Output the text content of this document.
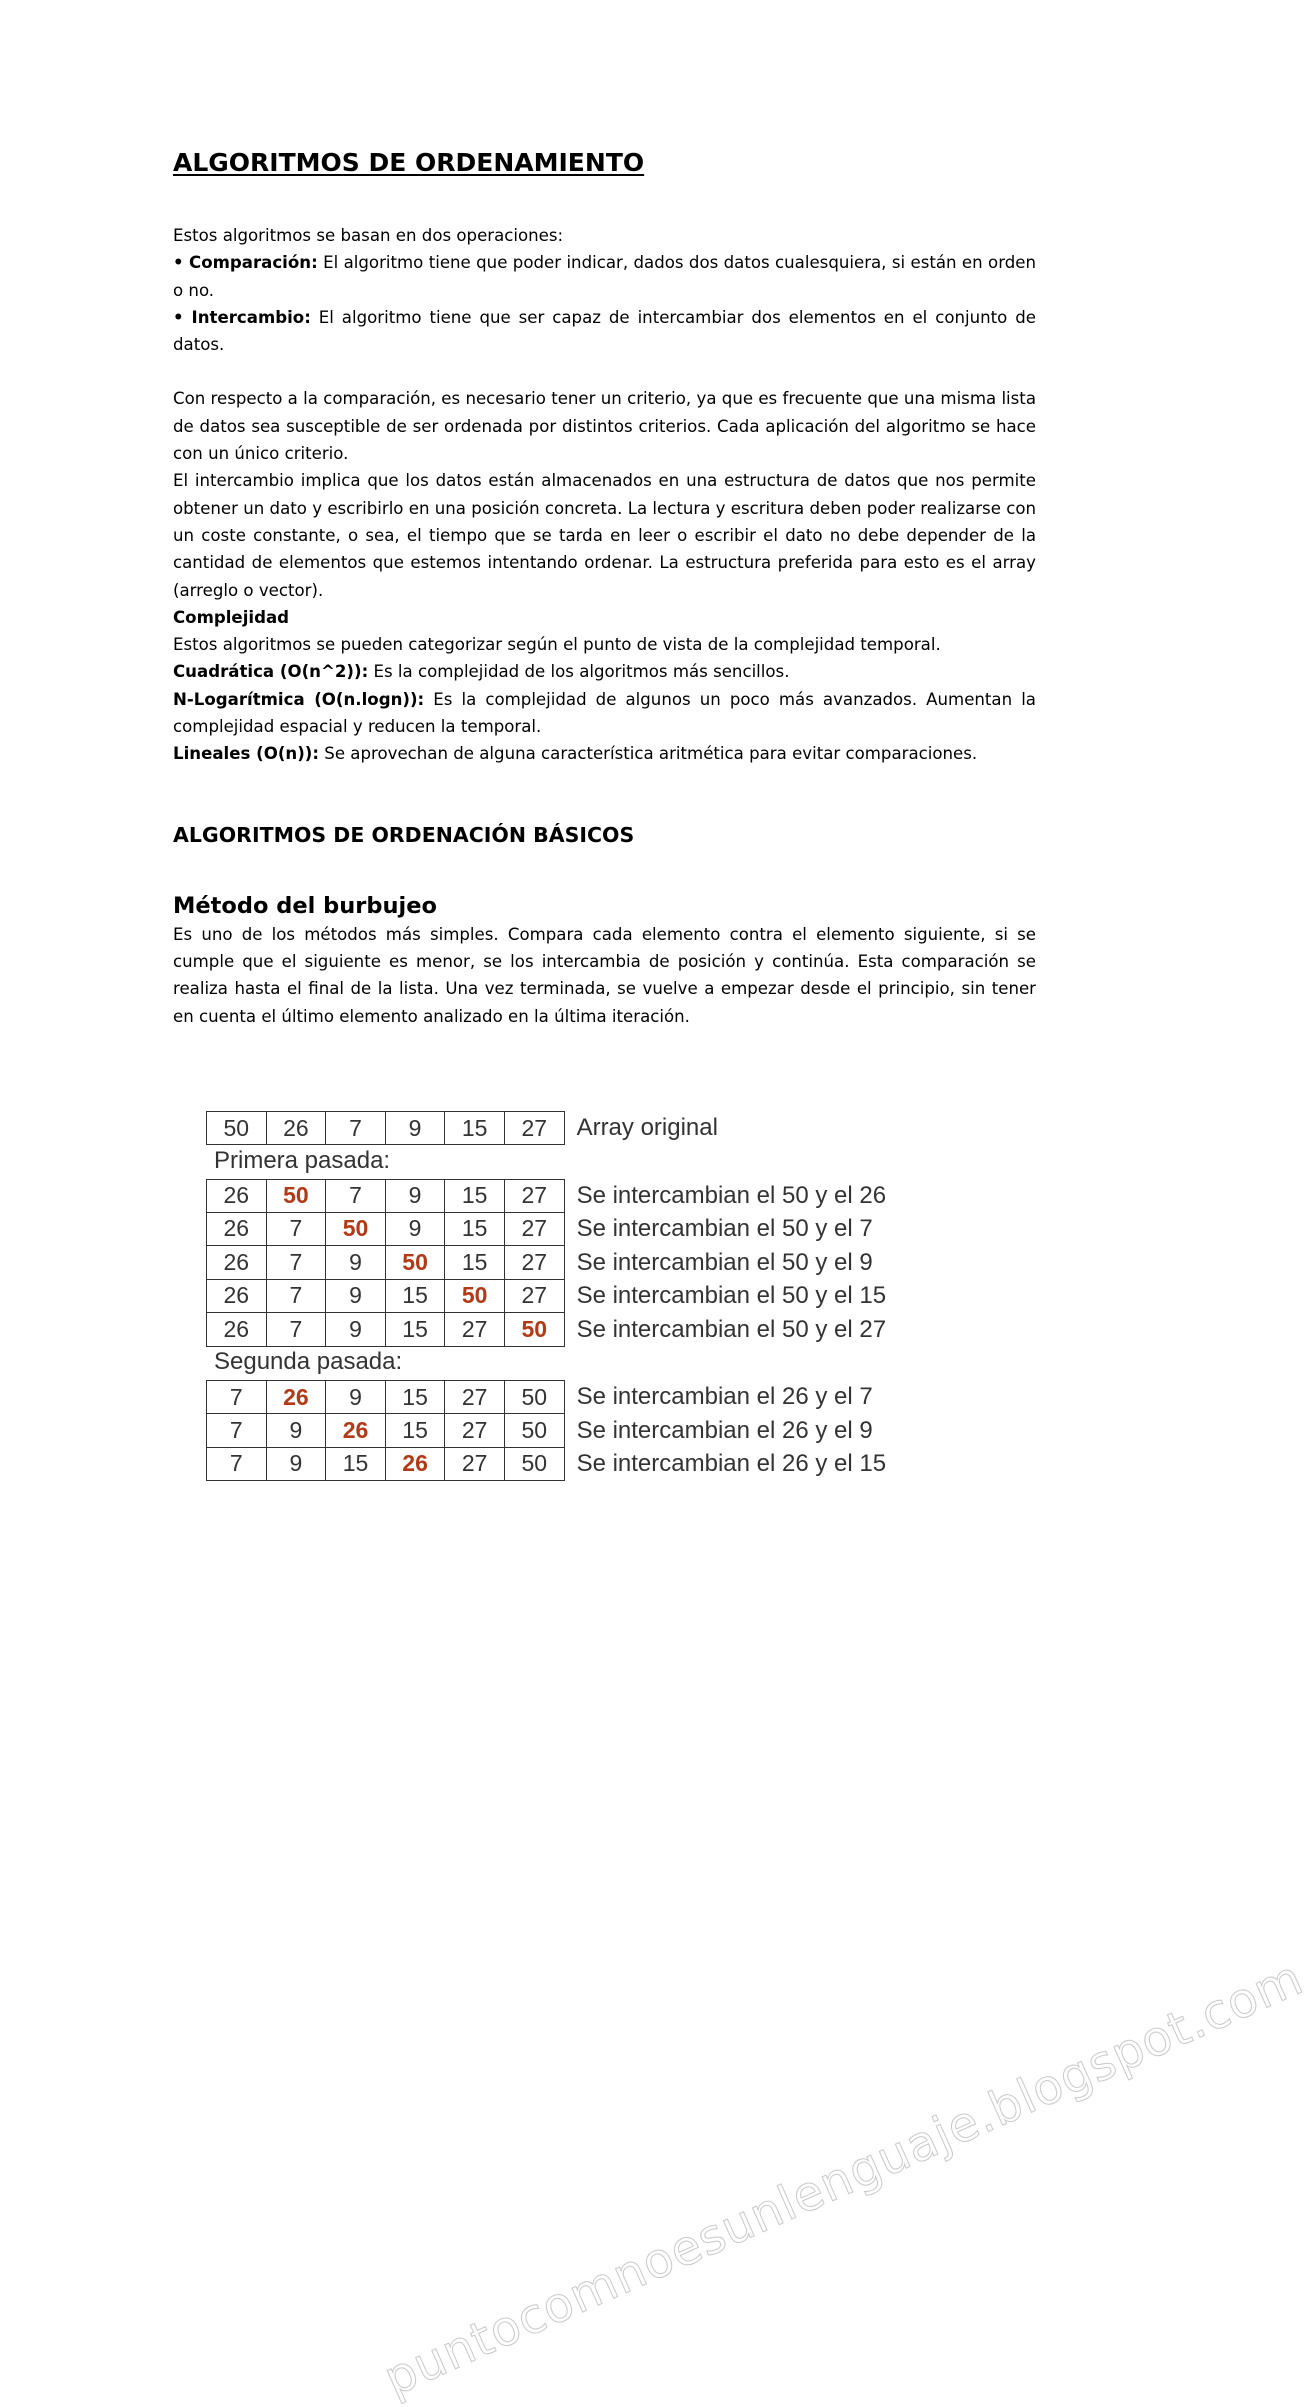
ALGORITMOS DE ORDENAMIENTO

Estos algoritmos se basan en dos operaciones:

• Comparación: El algoritmo tiene que poder indicar, dados dos datos cualesquiera, si están en orden o no.

• Intercambio: El algoritmo tiene que ser capaz de intercambiar dos elementos en el conjunto de datos.

Con respecto a la comparación, es necesario tener un criterio, ya que es frecuente que una misma lista de datos sea susceptible de ser ordenada por distintos criterios. Cada aplicación del algoritmo se hace con un único criterio.

El intercambio implica que los datos están almacenados en una estructura de datos que nos permite obtener un dato y escribirlo en una posición concreta. La lectura y escritura deben poder realizarse con un coste constante, o sea, el tiempo que se tarda en leer o escribir el dato no debe depender de la cantidad de elementos que estemos intentando ordenar. La estructura preferida para esto es el array (arreglo o vector).

Complejidad

Estos algoritmos se pueden categorizar según el punto de vista de la complejidad temporal.

Cuadrática (O(n^2)): Es la complejidad de los algoritmos más sencillos.

N-Logarítmica (O(n.logn)): Es la complejidad de algunos un poco más avanzados. Aumentan la complejidad espacial y reducen la temporal.

Lineales (O(n)): Se aprovechan de alguna característica aritmética para evitar comparaciones.

ALGORITMOS DE ORDENACIÓN BÁSICOS
Método del burbujeo

Es uno de los métodos más simples. Compara cada elemento contra el elemento siguiente, si se cumple que el siguiente es menor, se los intercambia de posición y continúa. Esta comparación se realiza hasta el final de la lista. Una vez terminada, se vuelve a empezar desde el principio, sin tener en cuenta el último elemento analizado en la última iteración.

puntocomnoesunlenguaje.blogspot.com
50	26	7	9	15	27	Array original
Primera pasada:
26	50	7	9	15	27	Se intercambian el 50 y el 26
26	7	50	9	15	27	Se intercambian el 50 y el 7
26	7	9	50	15	27	Se intercambian el 50 y el 9
26	7	9	15	50	27	Se intercambian el 50 y el 15
26	7	9	15	27	50	Se intercambian el 50 y el 27
Segunda pasada:
7	26	9	15	27	50	Se intercambian el 26 y el 7
7	9	26	15	27	50	Se intercambian el 26 y el 9
7	9	15	26	27	50	Se intercambian el 26 y el 15
